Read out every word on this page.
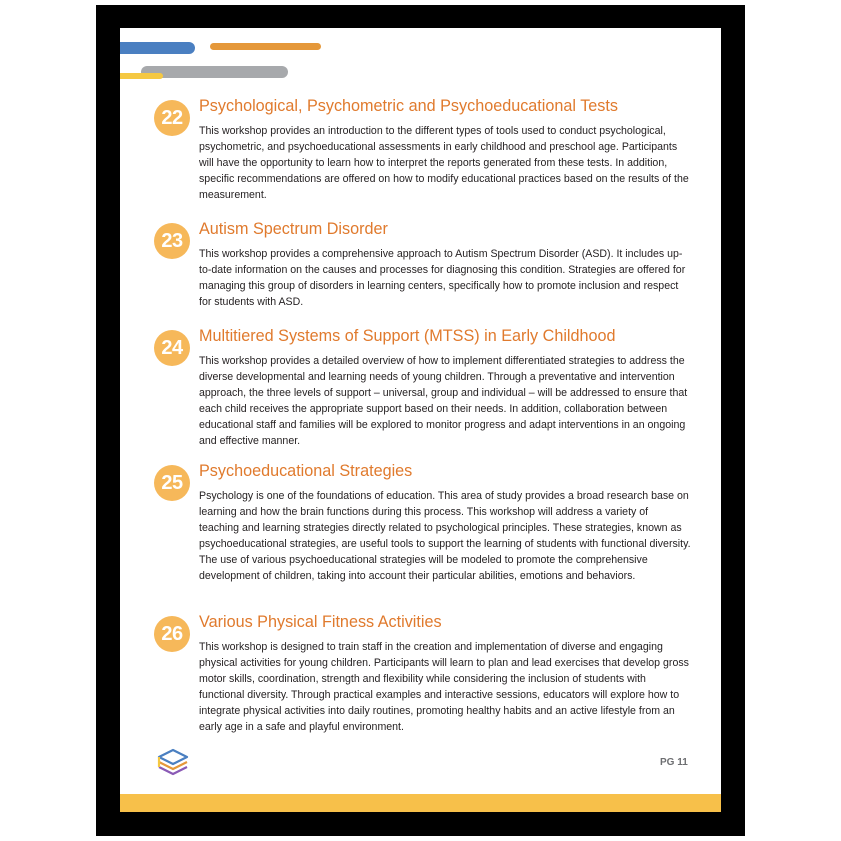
22
Psychological, Psychometric and Psychoeducational Tests

This workshop provides an introduction to the different types of tools used to conduct psychological, psychometric, and psychoeducational assessments in early childhood and preschool age. Participants will have the opportunity to learn how to interpret the reports generated from these tests. In addition, specific recommendations are offered on how to modify educational practices based on the results of the measurement.

23
Autism Spectrum Disorder

This workshop provides a comprehensive approach to Autism Spectrum Disorder (ASD). It includes up-to-date information on the causes and processes for diagnosing this condition. Strategies are offered for managing this group of disorders in learning centers, specifically how to promote inclusion and respect for students with ASD.

24
Multitiered Systems of Support (MTSS) in Early Childhood

This workshop provides a detailed overview of how to implement differentiated strategies to address the diverse developmental and learning needs of young children. Through a preventative and intervention approach, the three levels of support – universal, group and individual – will be addressed to ensure that each child receives the appropriate support based on their needs. In addition, collaboration between educational staff and families will be explored to monitor progress and adapt interventions in an ongoing and effective manner.

25
Psychoeducational Strategies

Psychology is one of the foundations of education. This area of study provides a broad research base on learning and how the brain functions during this process. This workshop will address a variety of teaching and learning strategies directly related to psychological principles. These strategies, known as psychoeducational strategies, are useful tools to support the learning of students with functional diversity. The use of various psychoeducational strategies will be modeled to promote the comprehensive development of children, taking into account their particular abilities, emotions and behaviors.

26
Various Physical Fitness Activities

This workshop is designed to train staff in the creation and implementation of diverse and engaging physical activities for young children. Participants will learn to plan and lead exercises that develop gross motor skills, coordination, strength and flexibility while considering the inclusion of students with functional diversity. Through practical examples and interactive sessions, educators will explore how to integrate physical activities into daily routines, promoting healthy habits and an active lifestyle from an early age in a safe and playful environment.

PG 11
